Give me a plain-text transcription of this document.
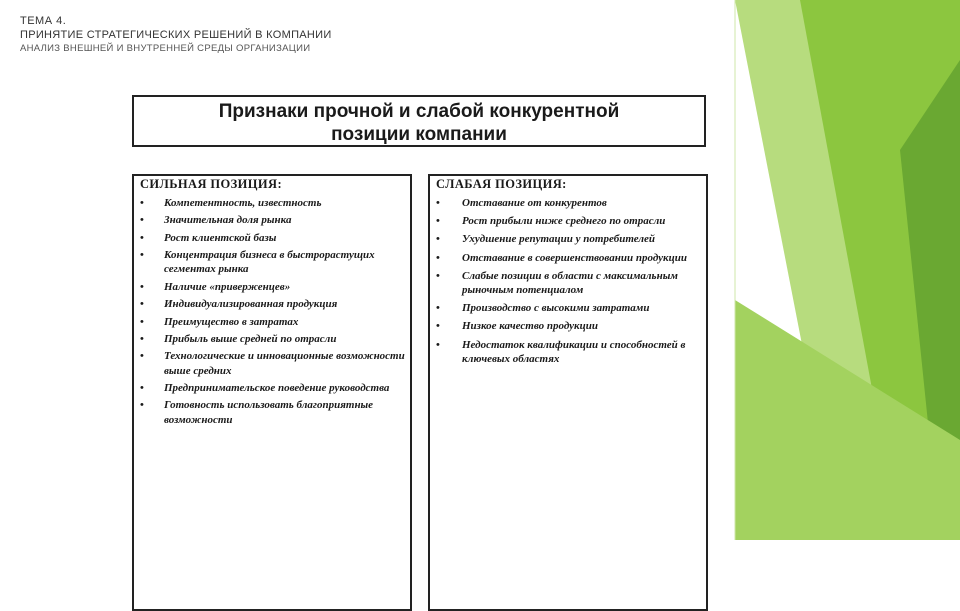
ТЕМА 4.
ПРИНЯТИЕ СТРАТЕГИЧЕСКИХ РЕШЕНИЙ В КОМПАНИИ
АНАЛИЗ ВНЕШНЕЙ И ВНУТРЕННЕЙ СРЕДЫ ОРГАНИЗАЦИИ
Признаки прочной и слабой конкурентной
позиции компании
СИЛЬНАЯ ПОЗИЦИЯ:
• Компетентность, известность
• Значительная доля рынка
• Рост клиентской базы
• Концентрация бизнеса в быстрорастущих сегментах рынка
• Наличие «приверженцев»
• Индивидуализированная продукция
• Преимущество в затратах
• Прибыль выше средней по отрасли
• Технологические и инновационные возможности выше средних
• Предпринимательское поведение руководства
• Готовность использовать благоприятные возможности
СЛАБАЯ ПОЗИЦИЯ:
• Отставание от конкурентов
• Рост прибыли ниже среднего по отрасли
• Ухудшение репутации у потребителей
• Отставание в совершенствовании продукции
• Слабые позиции в области с максимальным рыночным потенциалом
• Производство с высокими затратами
• Низкое качество продукции
• Недостаток квалификации и способностей в ключевых областях
